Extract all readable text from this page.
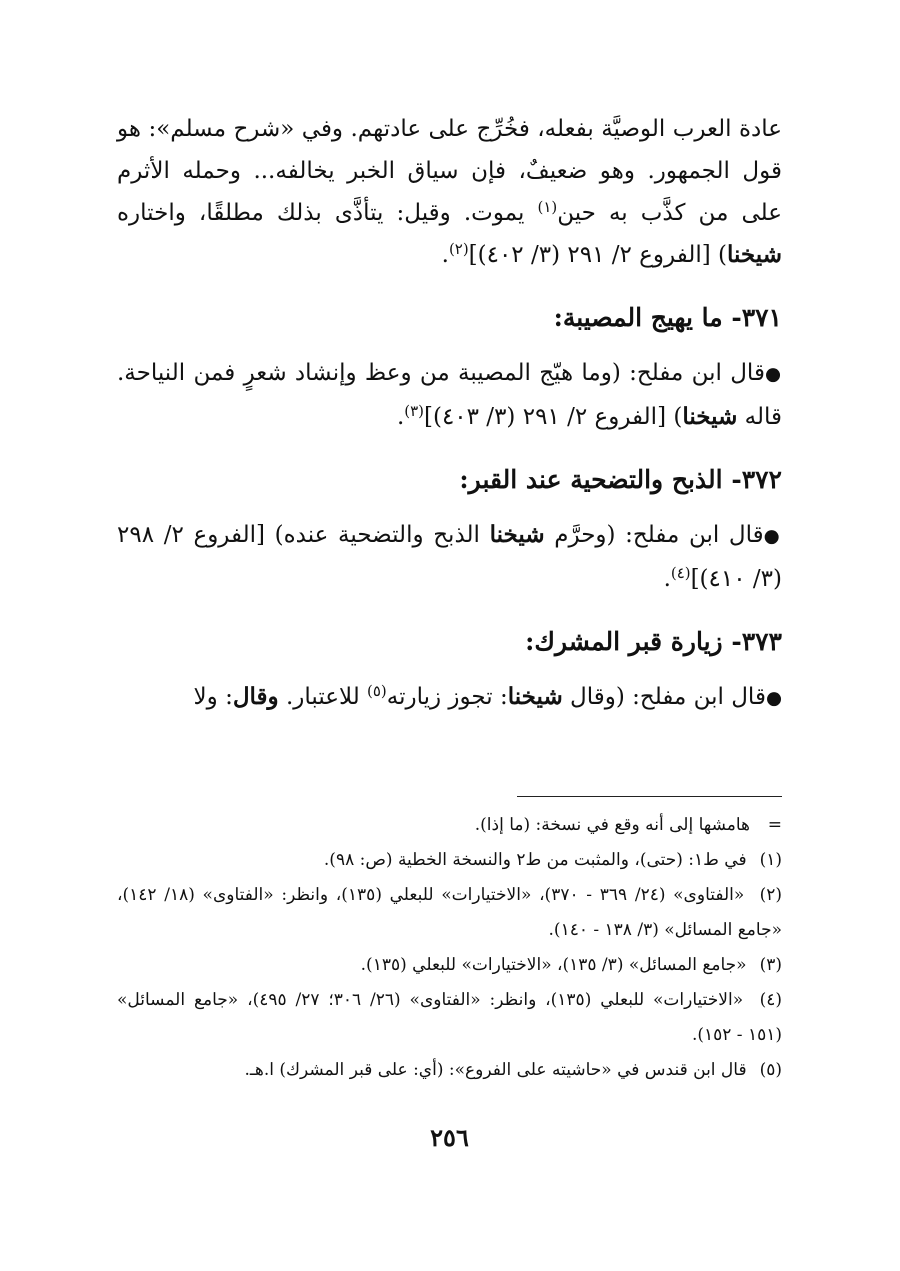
عادة العرب الوصيَّة بفعله، فخُرِّج على عادتهم. وفي «شرح مسلم»: هو قول الجمهور. وهو ضعيفٌ، فإن سياق الخبر يخالفه... وحمله الأثرم على من كذَّب به حين$^{(١)}$ يموت. وقيل: يتأذَّى بذلك مطلقًا، واختاره شيخنا) [الفروع ٢/ ٢٩١ (٣/ ٤٠٢)]$^{(٢)}$.

٣٧١- ما يهيج المصيبة:

●قال ابن مفلح: (وما هيّج المصيبة من وعظ وإنشاد شعرٍ فمن النياحة. قاله شيخنا) [الفروع ٢/ ٢٩١ (٣/ ٤٠٣)]$^{(٣)}$.

٣٧٢- الذبح والتضحية عند القبر:

●قال ابن مفلح: (وحرَّم شيخنا الذبح والتضحية عنده) [الفروع ٢/ ٢٩٨ (٣/ ٤١٠)]$^{(٤)}$.

٣٧٣- زيارة قبر المشرك:

●قال ابن مفلح: (وقال شيخنا: تجوز زيارته$^{(٥)}$ للاعتبار. وقال: ولا

=هامشها إلى أنه وقع في نسخة: (ما إذا).

(١) في ط١: (حتى)، والمثبت من ط٢ والنسخة الخطية (ص: ٩٨).

(٢) «الفتاوى» (٢٤/ ٣٦٩ - ٣٧٠)، «الاختيارات» للبعلي (١٣٥)، وانظر: «الفتاوى» (١٨/ ١٤٢)، «جامع المسائل» (٣/ ١٣٨ - ١٤٠).

(٣) «جامع المسائل» (٣/ ١٣٥)، «الاختيارات» للبعلي (١٣٥).

(٤) «الاختيارات» للبعلي (١٣٥)، وانظر: «الفتاوى» (٢٦/ ٣٠٦؛ ٢٧/ ٤٩٥)، «جامع المسائل» (١٥١ - ١٥٢).

(٥) قال ابن قندس في «حاشيته على الفروع»: (أي: على قبر المشرك) ا.هـ.

٢٥٦
